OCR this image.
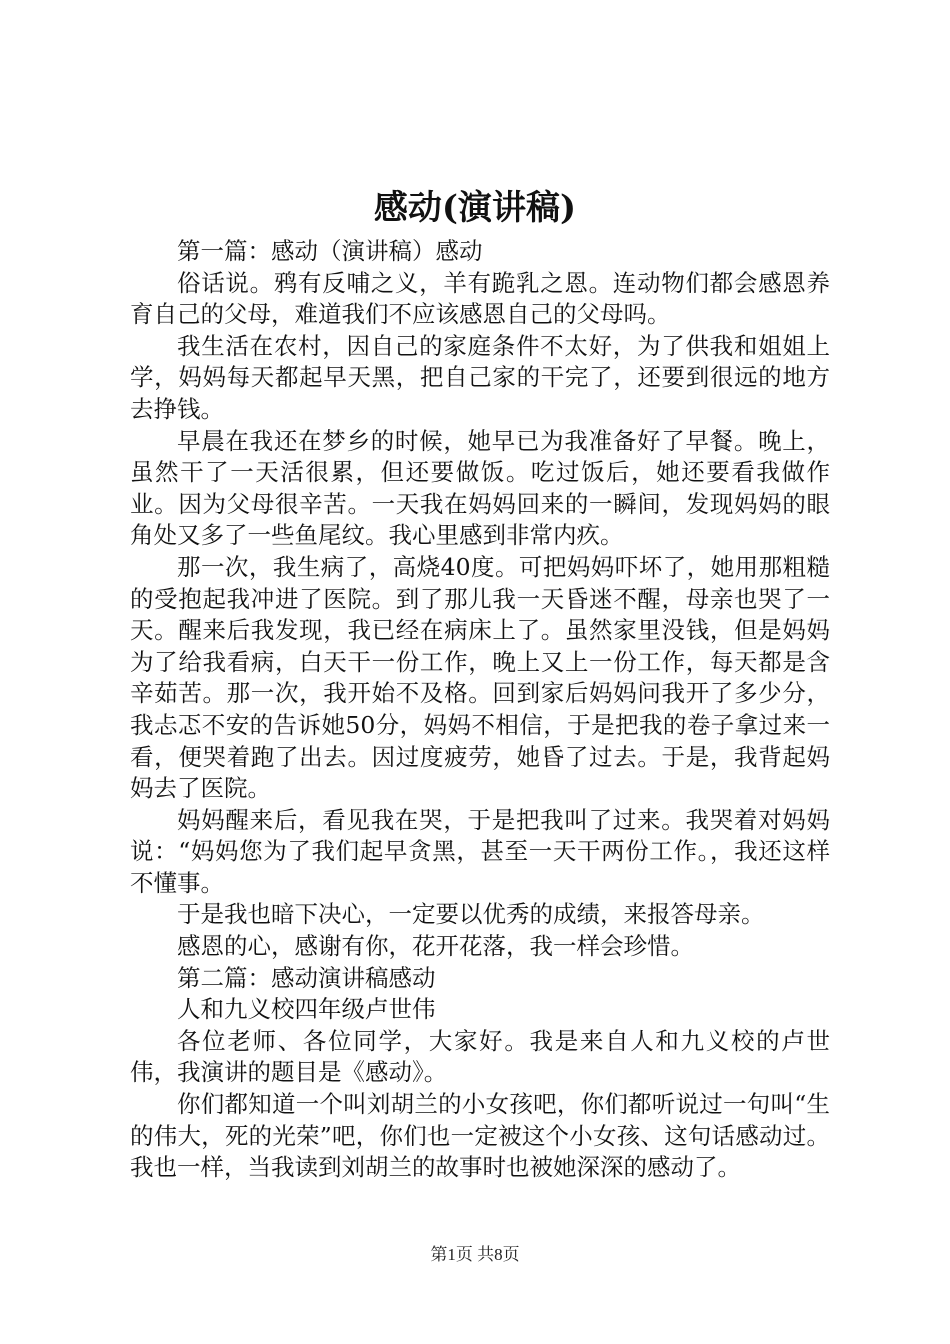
感动(演讲稿)

第一篇：感动（演讲稿）感动

俗话说。鸦有反哺之义，羊有跪乳之恩。连动物们都会感恩养育自己的父母，难道我们不应该感恩自己的父母吗。

我生活在农村，因自己的家庭条件不太好，为了供我和姐姐上学，妈妈每天都起早天黑，把自己家的干完了，还要到很远的地方去挣钱。

早晨在我还在梦乡的时候，她早已为我准备好了早餐。晚上，虽然干了一天活很累，但还要做饭。吃过饭后，她还要看我做作业。因为父母很辛苦。一天我在妈妈回来的一瞬间，发现妈妈的眼角处又多了一些鱼尾纹。我心里感到非常内疚。

那一次，我生病了，高烧40度。可把妈妈吓坏了，她用那粗糙的受抱起我冲进了医院。到了那儿我一天昏迷不醒，母亲也哭了一天。醒来后我发现，我已经在病床上了。虽然家里没钱，但是妈妈为了给我看病，白天干一份工作，晚上又上一份工作，每天都是含辛茹苦。那一次，我开始不及格。回到家后妈妈问我开了多少分，我忐忑不安的告诉她50分，妈妈不相信，于是把我的卷子拿过来一看，便哭着跑了出去。因过度疲劳，她昏了过去。于是，我背起妈妈去了医院。

妈妈醒来后，看见我在哭，于是把我叫了过来。我哭着对妈妈说：“妈妈您为了我们起早贪黑，甚至一天干两份工作。，我还这样不懂事。

于是我也暗下决心，一定要以优秀的成绩，来报答母亲。

感恩的心，感谢有你，花开花落，我一样会珍惜。

第二篇：感动演讲稿感动

人和九义校四年级卢世伟

各位老师、各位同学，大家好。我是来自人和九义校的卢世伟，我演讲的题目是《感动》。

你们都知道一个叫刘胡兰的小女孩吧，你们都听说过一句叫“生的伟大，死的光荣”吧，你们也一定被这个小女孩、这句话感动过。我也一样，当我读到刘胡兰的故事时也被她深深的感动了。

第1页 共8页
